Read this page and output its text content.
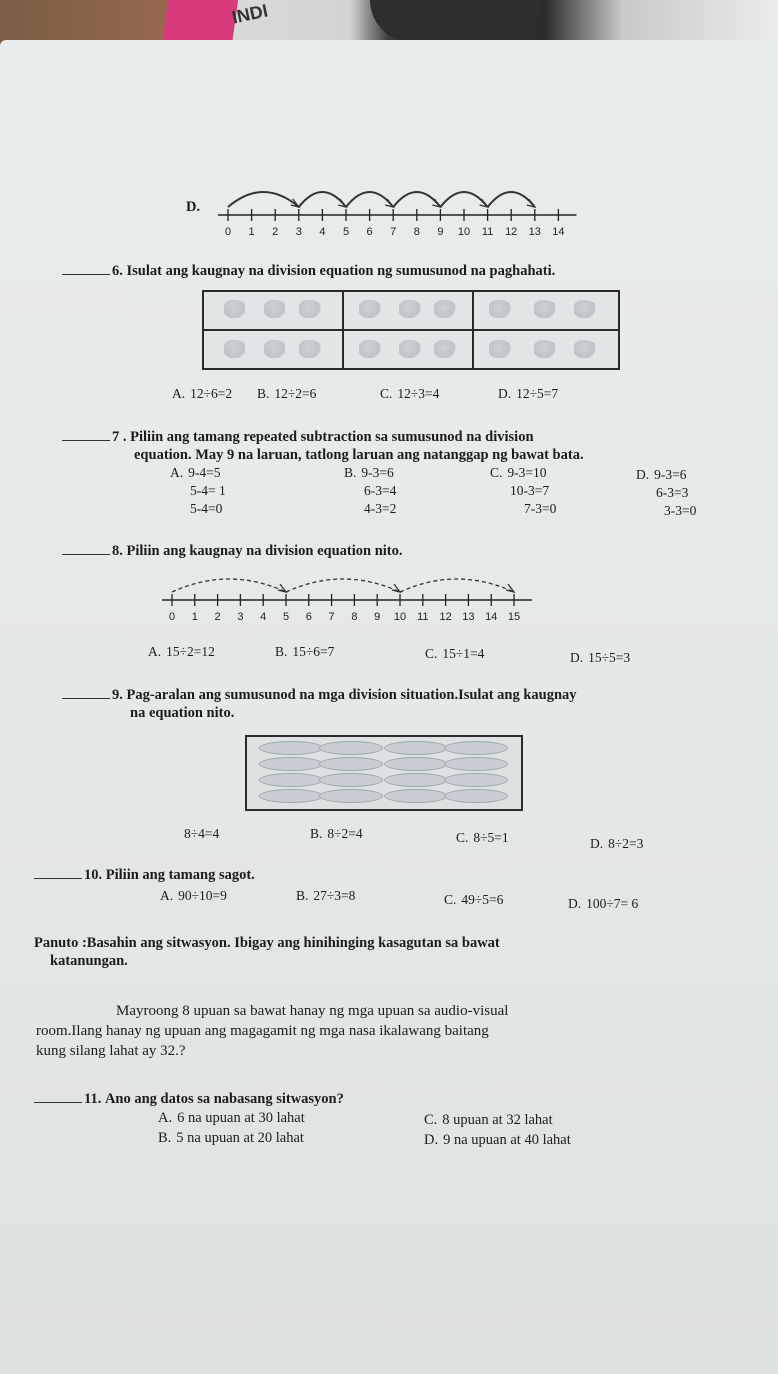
INDI
D.
0 1 2 3 4 5 6 7 8 9 10 11 12 13 14
6. Isulat ang kaugnay na division equation ng sumusunod na paghahati.
A. 12÷6=2 B. 12÷2=6	C. 12÷3=4	D. 12÷5=7
7 . Piliin ang tamang repeated subtraction sa sumusunod na division
equation. May 9 na laruan, tatlong laruan ang natanggap ng bawat bata.
A. 9-4=5
5-4= 1
5-4=0
B. 9-3=6
6-3=4
4-3=2
C. 9-3=10
10-3=7
7-3=0
D. 9-3=6
6-3=3
3-3=0
8. Piliin ang kaugnay na division equation nito.
0 1 2 3 4 5 6 7 8 9 10 11 12 13 14 15
A. 15÷2=12	B. 15÷6=7	C. 15÷1=4	D. 15÷5=3
9. Pag-aralan ang sumusunod na mga division situation.Isulat ang kaugnay
na equation nito.
8÷4=4	B. 8÷2=4	C. 8÷5=1	D. 8÷2=3
10. Piliin ang tamang sagot.
A. 90÷10=9	B. 27÷3=8	C. 49÷5=6	D. 100÷7= 6
Panuto :Basahin ang sitwasyon. Ibigay ang hinihinging kasagutan sa bawat
katanungan.
Mayroong 8 upuan sa bawat hanay ng mga upuan sa audio-visual
room.Ilang hanay ng upuan ang magagamit ng mga nasa ikalawang baitang
kung silang lahat ay 32.?
11. Ano ang datos sa nabasang sitwasyon?
A. 6 na upuan at 30 lahat	C. 8 upuan at 32 lahat
B. 5 na upuan at 20 lahat	D. 9 na upuan at 40 lahat
